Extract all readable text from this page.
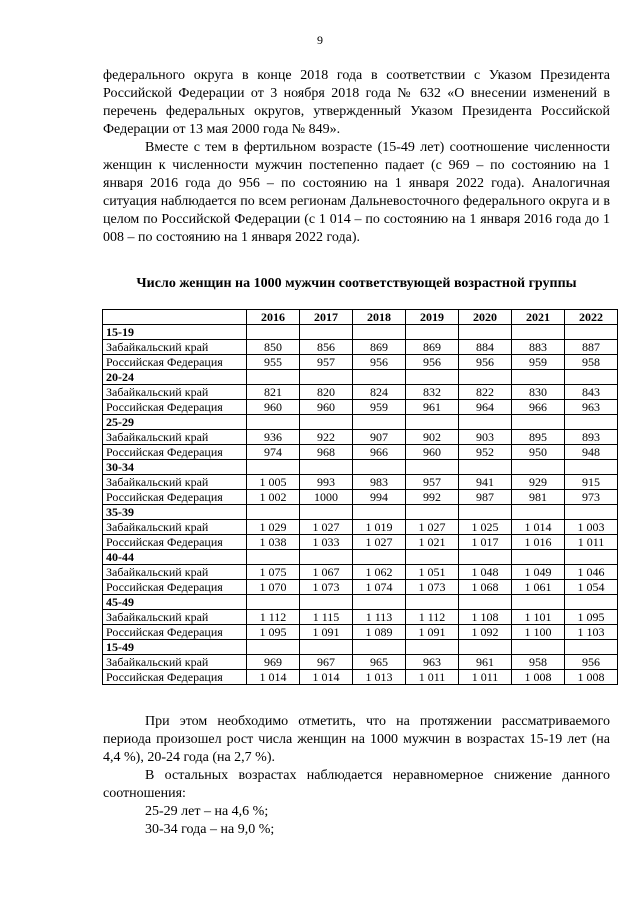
9

федерального округа в конце 2018 года в соответствии с Указом Президента Российской Федерации от 3 ноября 2018 года № 632 «О внесении изменений в перечень федеральных округов, утвержденный Указом Президента Российской Федерации от 13 мая 2000 года № 849».

Вместе с тем в фертильном возрасте (15-49 лет) соотношение численности женщин к численности мужчин постепенно падает (с 969 – по состоянию на 1 января 2016 года до 956 – по состоянию на 1 января 2022 года). Аналогичная ситуация наблюдается по всем регионам Дальневосточного федерального округа и в целом по Российской Федерации (с 1 014 – по состоянию на 1 января 2016 года до 1 008 – по состоянию на 1 января 2022 года).

Число женщин на 1000 мужчин соответствующей возрастной группы
	2016	2017	2018	2019	2020	2021	2022
15-19							
Забайкальский край	850	856	869	869	884	883	887
Российская Федерация	955	957	956	956	956	959	958
20-24							
Забайкальский край	821	820	824	832	822	830	843
Российская Федерация	960	960	959	961	964	966	963
25-29							
Забайкальский край	936	922	907	902	903	895	893
Российская Федерация	974	968	966	960	952	950	948
30-34							
Забайкальский край	1 005	993	983	957	941	929	915
Российская Федерация	1 002	1000	994	992	987	981	973
35-39							
Забайкальский край	1 029	1 027	1 019	1 027	1 025	1 014	1 003
Российская Федерация	1 038	1 033	1 027	1 021	1 017	1 016	1 011
40-44							
Забайкальский край	1 075	1 067	1 062	1 051	1 048	1 049	1 046
Российская Федерация	1 070	1 073	1 074	1 073	1 068	1 061	1 054
45-49							
Забайкальский край	1 112	1 115	1 113	1 112	1 108	1 101	1 095
Российская Федерация	1 095	1 091	1 089	1 091	1 092	1 100	1 103
15-49							
Забайкальский край	969	967	965	963	961	958	956
Российская Федерация	1 014	1 014	1 013	1 011	1 011	1 008	1 008

При этом необходимо отметить, что на протяжении рассматриваемого периода произошел рост числа женщин на 1000 мужчин в возрастах 15-19 лет (на 4,4 %), 20-24 года (на 2,7 %).

В остальных возрастах наблюдается неравномерное снижение данного соотношения:

25-29 лет – на 4,6 %;

30-34 года – на 9,0 %;
